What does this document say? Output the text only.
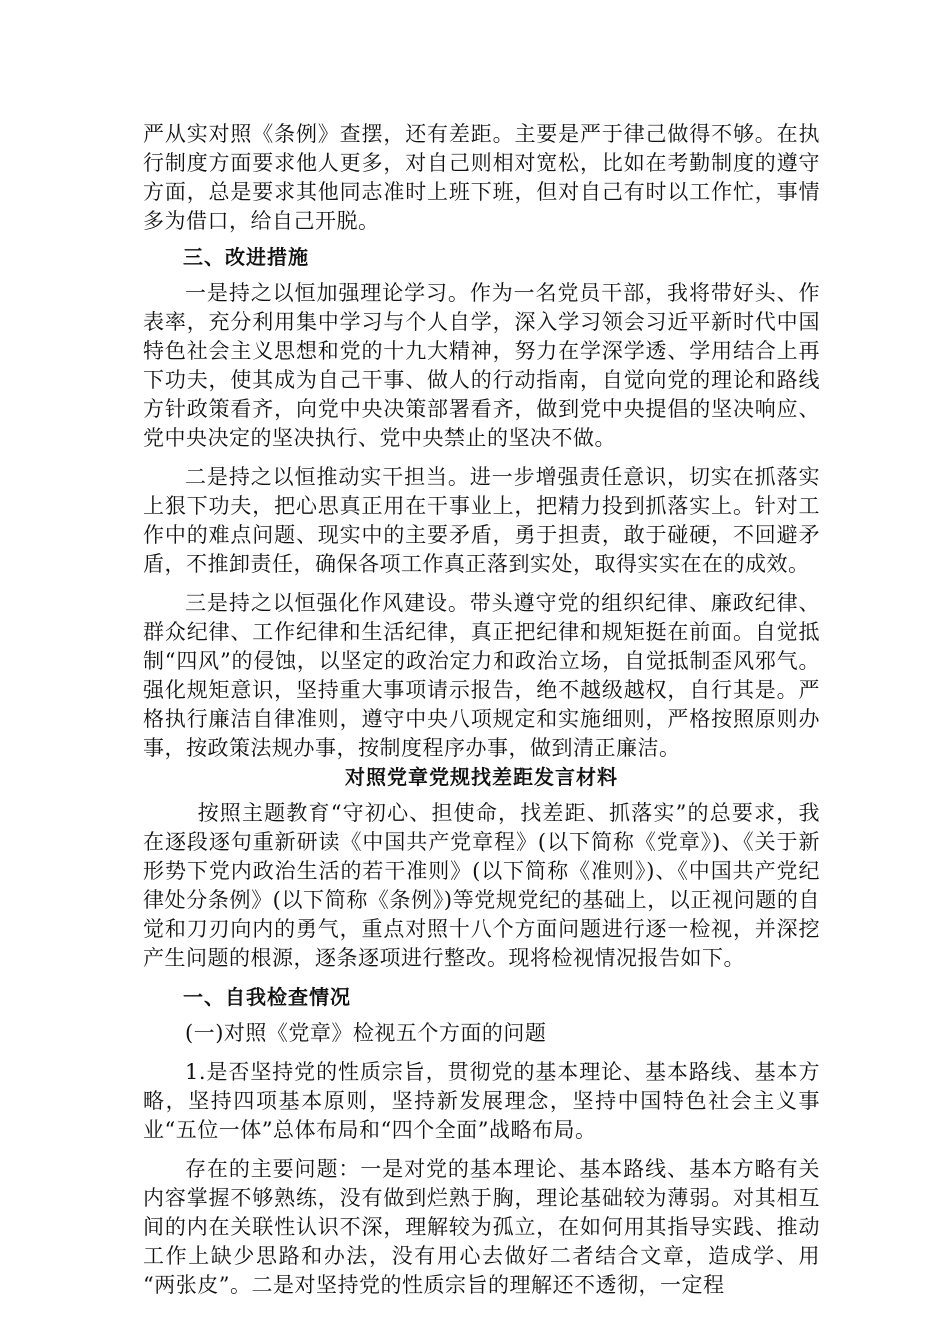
严从实对照《条例》查摆，还有差距。主要是严于律己做得不够。在执行制度方面要求他人更多，对自己则相对宽松，比如在考勤制度的遵守方面，总是要求其他同志准时上班下班，但对自己有时以工作忙，事情多为借口，给自己开脱。

三、改进措施

一是持之以恒加强理论学习。作为一名党员干部，我将带好头、作表率，充分利用集中学习与个人自学，深入学习领会习近平新时代中国特色社会主义思想和党的十九大精神，努力在学深学透、学用结合上再下功夫，使其成为自己干事、做人的行动指南，自觉向党的理论和路线方针政策看齐，向党中央决策部署看齐，做到党中央提倡的坚决响应、党中央决定的坚决执行、党中央禁止的坚决不做。

二是持之以恒推动实干担当。进一步增强责任意识，切实在抓落实上狠下功夫，把心思真正用在干事业上，把精力投到抓落实上。针对工作中的难点问题、现实中的主要矛盾，勇于担责，敢于碰硬，不回避矛盾，不推卸责任，确保各项工作真正落到实处，取得实实在在的成效。

三是持之以恒强化作风建设。带头遵守党的组织纪律、廉政纪律、群众纪律、工作纪律和生活纪律，真正把纪律和规矩挺在前面。自觉抵制“四风”的侵蚀，以坚定的政治定力和政治立场，自觉抵制歪风邪气。强化规矩意识，坚持重大事项请示报告，绝不越级越权，自行其是。严格执行廉洁自律准则，遵守中央八项规定和实施细则，严格按照原则办事，按政策法规办事，按制度程序办事，做到清正廉洁。

对照党章党规找差距发言材料

按照主题教育“守初心、担使命，找差距、抓落实”的总要求，我在逐段逐句重新研读《中国共产党章程》(以下简称《党章》)、《关于新形势下党内政治生活的若干准则》(以下简称《准则》)、《中国共产党纪律处分条例》(以下简称《条例》)等党规党纪的基础上，以正视问题的自觉和刀刃向内的勇气，重点对照十八个方面问题进行逐一检视，并深挖产生问题的根源，逐条逐项进行整改。现将检视情况报告如下。

一、自我检查情况

(一)对照《党章》检视五个方面的问题

1.是否坚持党的性质宗旨，贯彻党的基本理论、基本路线、基本方略，坚持四项基本原则，坚持新发展理念，坚持中国特色社会主义事业“五位一体”总体布局和“四个全面”战略布局。

存在的主要问题：一是对党的基本理论、基本路线、基本方略有关内容掌握不够熟练，没有做到烂熟于胸，理论基础较为薄弱。对其相互间的内在关联性认识不深，理解较为孤立，在如何用其指导实践、推动工作上缺少思路和办法，没有用心去做好二者结合文章，造成学、用 “两张皮”。二是对坚持党的性质宗旨的理解还不透彻，一定程
